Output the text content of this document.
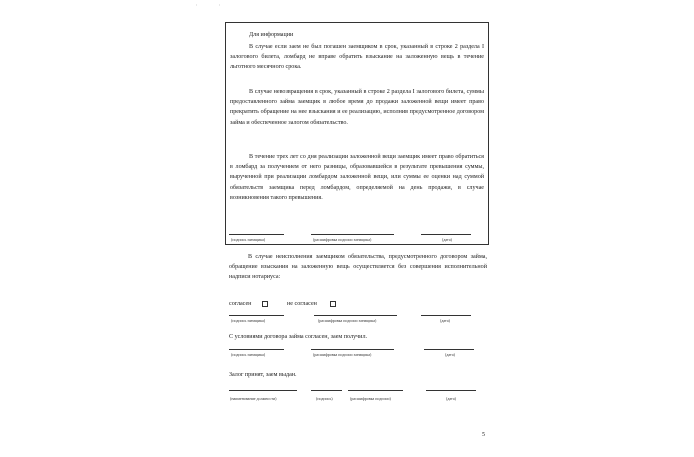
'	'
Для информации
В случае если заем не был погашен заемщиком в срок, указанный в строке 2 раздела I залогового билета, ломбард не вправе обратить взыскание на заложенную вещь в течение льготного месячного срока.
В случае невозвращения в срок, указанный в строке 2 раздела I залогового билета, суммы предоставленного займа заемщик в любое время до продажи заложенной вещи имеет право прекратить обращение на нее взыскания и ее реализацию, исполнив предусмотренное договором займа и обеспеченное залогом обязательство.
В течение трех лет со дня реализации заложенной вещи заемщик имеет право обратиться в ломбард за получением от него разницы, образовавшейся в результате превышения суммы, вырученной при реализации ломбардом заложенной вещи, или суммы ее оценки над суммой обязательств заемщика перед ломбардом, определяемой на день продажи, в случае возникновения такого превышения.
(подпись заемщика)	(расшифровка подписи заемщика)	(дата)
В случае неисполнения заемщиком обязательства, предусмотренного договором займа, обращение взыскания на заложенную вещь осуществляется без совершения исполнительной надписи нотариуса:
согласен	не согласен
(подпись заемщика)	(расшифровка подписи заемщика)	(дата)
С условиями договора займа согласен, заем получил.
(подпись заемщика)	(расшифровка подписи заемщика)	(дата)
Залог принят, заем выдан.
(наименование должности)	(подпись)	(расшифровка подписи)	(дата)
5
